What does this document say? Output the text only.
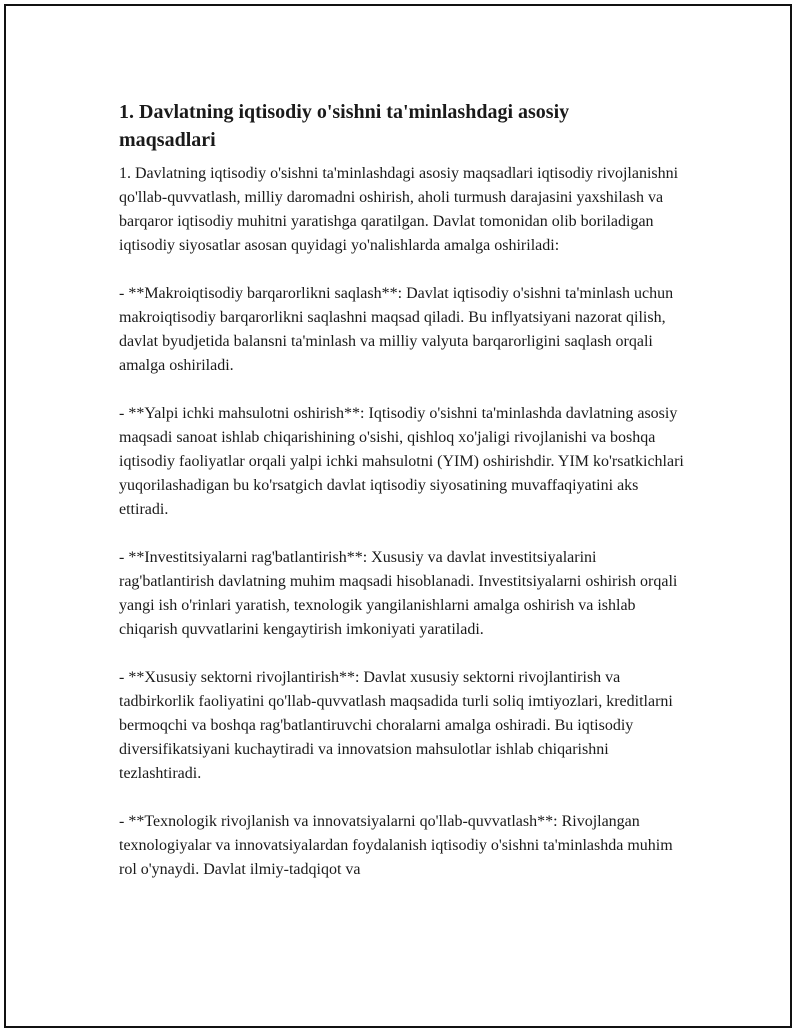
1. Davlatning iqtisodiy o'sishni ta'minlashdagi asosiy maqsadlari

1. Davlatning iqtisodiy o'sishni ta'minlashdagi asosiy maqsadlari iqtisodiy rivojlanishni qo'llab-quvvatlash, milliy daromadni oshirish, aholi turmush darajasini yaxshilash va barqaror iqtisodiy muhitni yaratishga qaratilgan. Davlat tomonidan olib boriladigan iqtisodiy siyosatlar asosan quyidagi yo'nalishlarda amalga oshiriladi:

- **Makroiqtisodiy barqarorlikni saqlash**: Davlat iqtisodiy o'sishni ta'minlash uchun makroiqtisodiy barqarorlikni saqlashni maqsad qiladi. Bu inflyatsiyani nazorat qilish, davlat byudjetida balansni ta'minlash va milliy valyuta barqarorligini saqlash orqali amalga oshiriladi.

- **Yalpi ichki mahsulotni oshirish**: Iqtisodiy o'sishni ta'minlashda davlatning asosiy maqsadi sanoat ishlab chiqarishining o'sishi, qishloq xo'jaligi rivojlanishi va boshqa iqtisodiy faoliyatlar orqali yalpi ichki mahsulotni (YIM) oshirishdir. YIM ko'rsatkichlari yuqorilashadigan bu ko'rsatgich davlat iqtisodiy siyosatining muvaffaqiyatini aks ettiradi.

- **Investitsiyalarni rag'batlantirish**: Xususiy va davlat investitsiyalarini rag'batlantirish davlatning muhim maqsadi hisoblanadi. Investitsiyalarni oshirish orqali yangi ish o'rinlari yaratish, texnologik yangilanishlarni amalga oshirish va ishlab chiqarish quvvatlarini kengaytirish imkoniyati yaratiladi.

- **Xususiy sektorni rivojlantirish**: Davlat xususiy sektorni rivojlantirish va tadbirkorlik faoliyatini qo'llab-quvvatlash maqsadida turli soliq imtiyozlari, kreditlarni bermoqchi va boshqa rag'batlantiruvchi choralarni amalga oshiradi. Bu iqtisodiy diversifikatsiyani kuchaytiradi va innovatsion mahsulotlar ishlab chiqarishni tezlashtiradi.

- **Texnologik rivojlanish va innovatsiyalarni qo'llab-quvvatlash**: Rivojlangan texnologiyalar va innovatsiyalardan foydalanish iqtisodiy o'sishni ta'minlashda muhim rol o'ynaydi. Davlat ilmiy-tadqiqot va
